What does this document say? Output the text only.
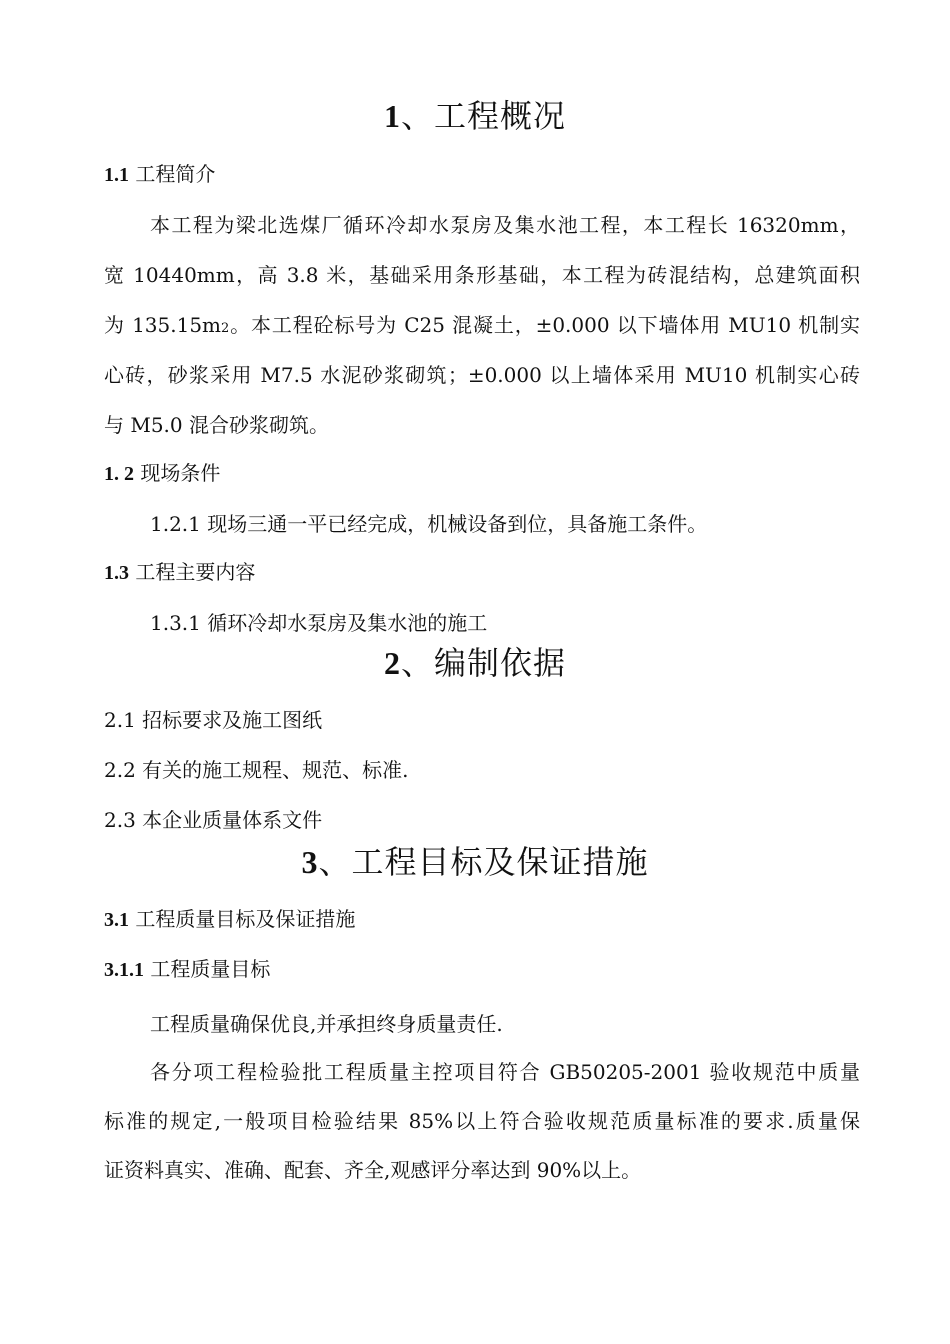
1、工程概况
1.1 工程简介
本工程为梁北选煤厂循环冷却水泵房及集水池工程，本工程长 16320mm，
宽 10440mm，高 3.8 米，基础采用条形基础，本工程为砖混结构，总建筑面积
为 135.15m2。本工程砼标号为 C25 混凝土，±0.000 以下墙体用 MU10 机制实
心砖，砂浆采用 M7.5 水泥砂浆砌筑；±0.000 以上墙体采用 MU10 机制实心砖
与 M5.0 混合砂浆砌筑。
1. 2 现场条件
1.2.1 现场三通一平已经完成，机械设备到位，具备施工条件。
1.3 工程主要内容
1.3.1 循环冷却水泵房及集水池的施工
2、编制依据
2.1 招标要求及施工图纸
2.2 有关的施工规程、规范、标准.
2.3 本企业质量体系文件
3、工程目标及保证措施
3.1 工程质量目标及保证措施
3.1.1 工程质量目标
工程质量确保优良,并承担终身质量责任.
各分项工程检验批工程质量主控项目符合 GB50205-2001 验收规范中质量
标准的规定,一般项目检验结果 85%以上符合验收规范质量标准的要求.质量保
证资料真实、准确、配套、齐全,观感评分率达到 90%以上。
